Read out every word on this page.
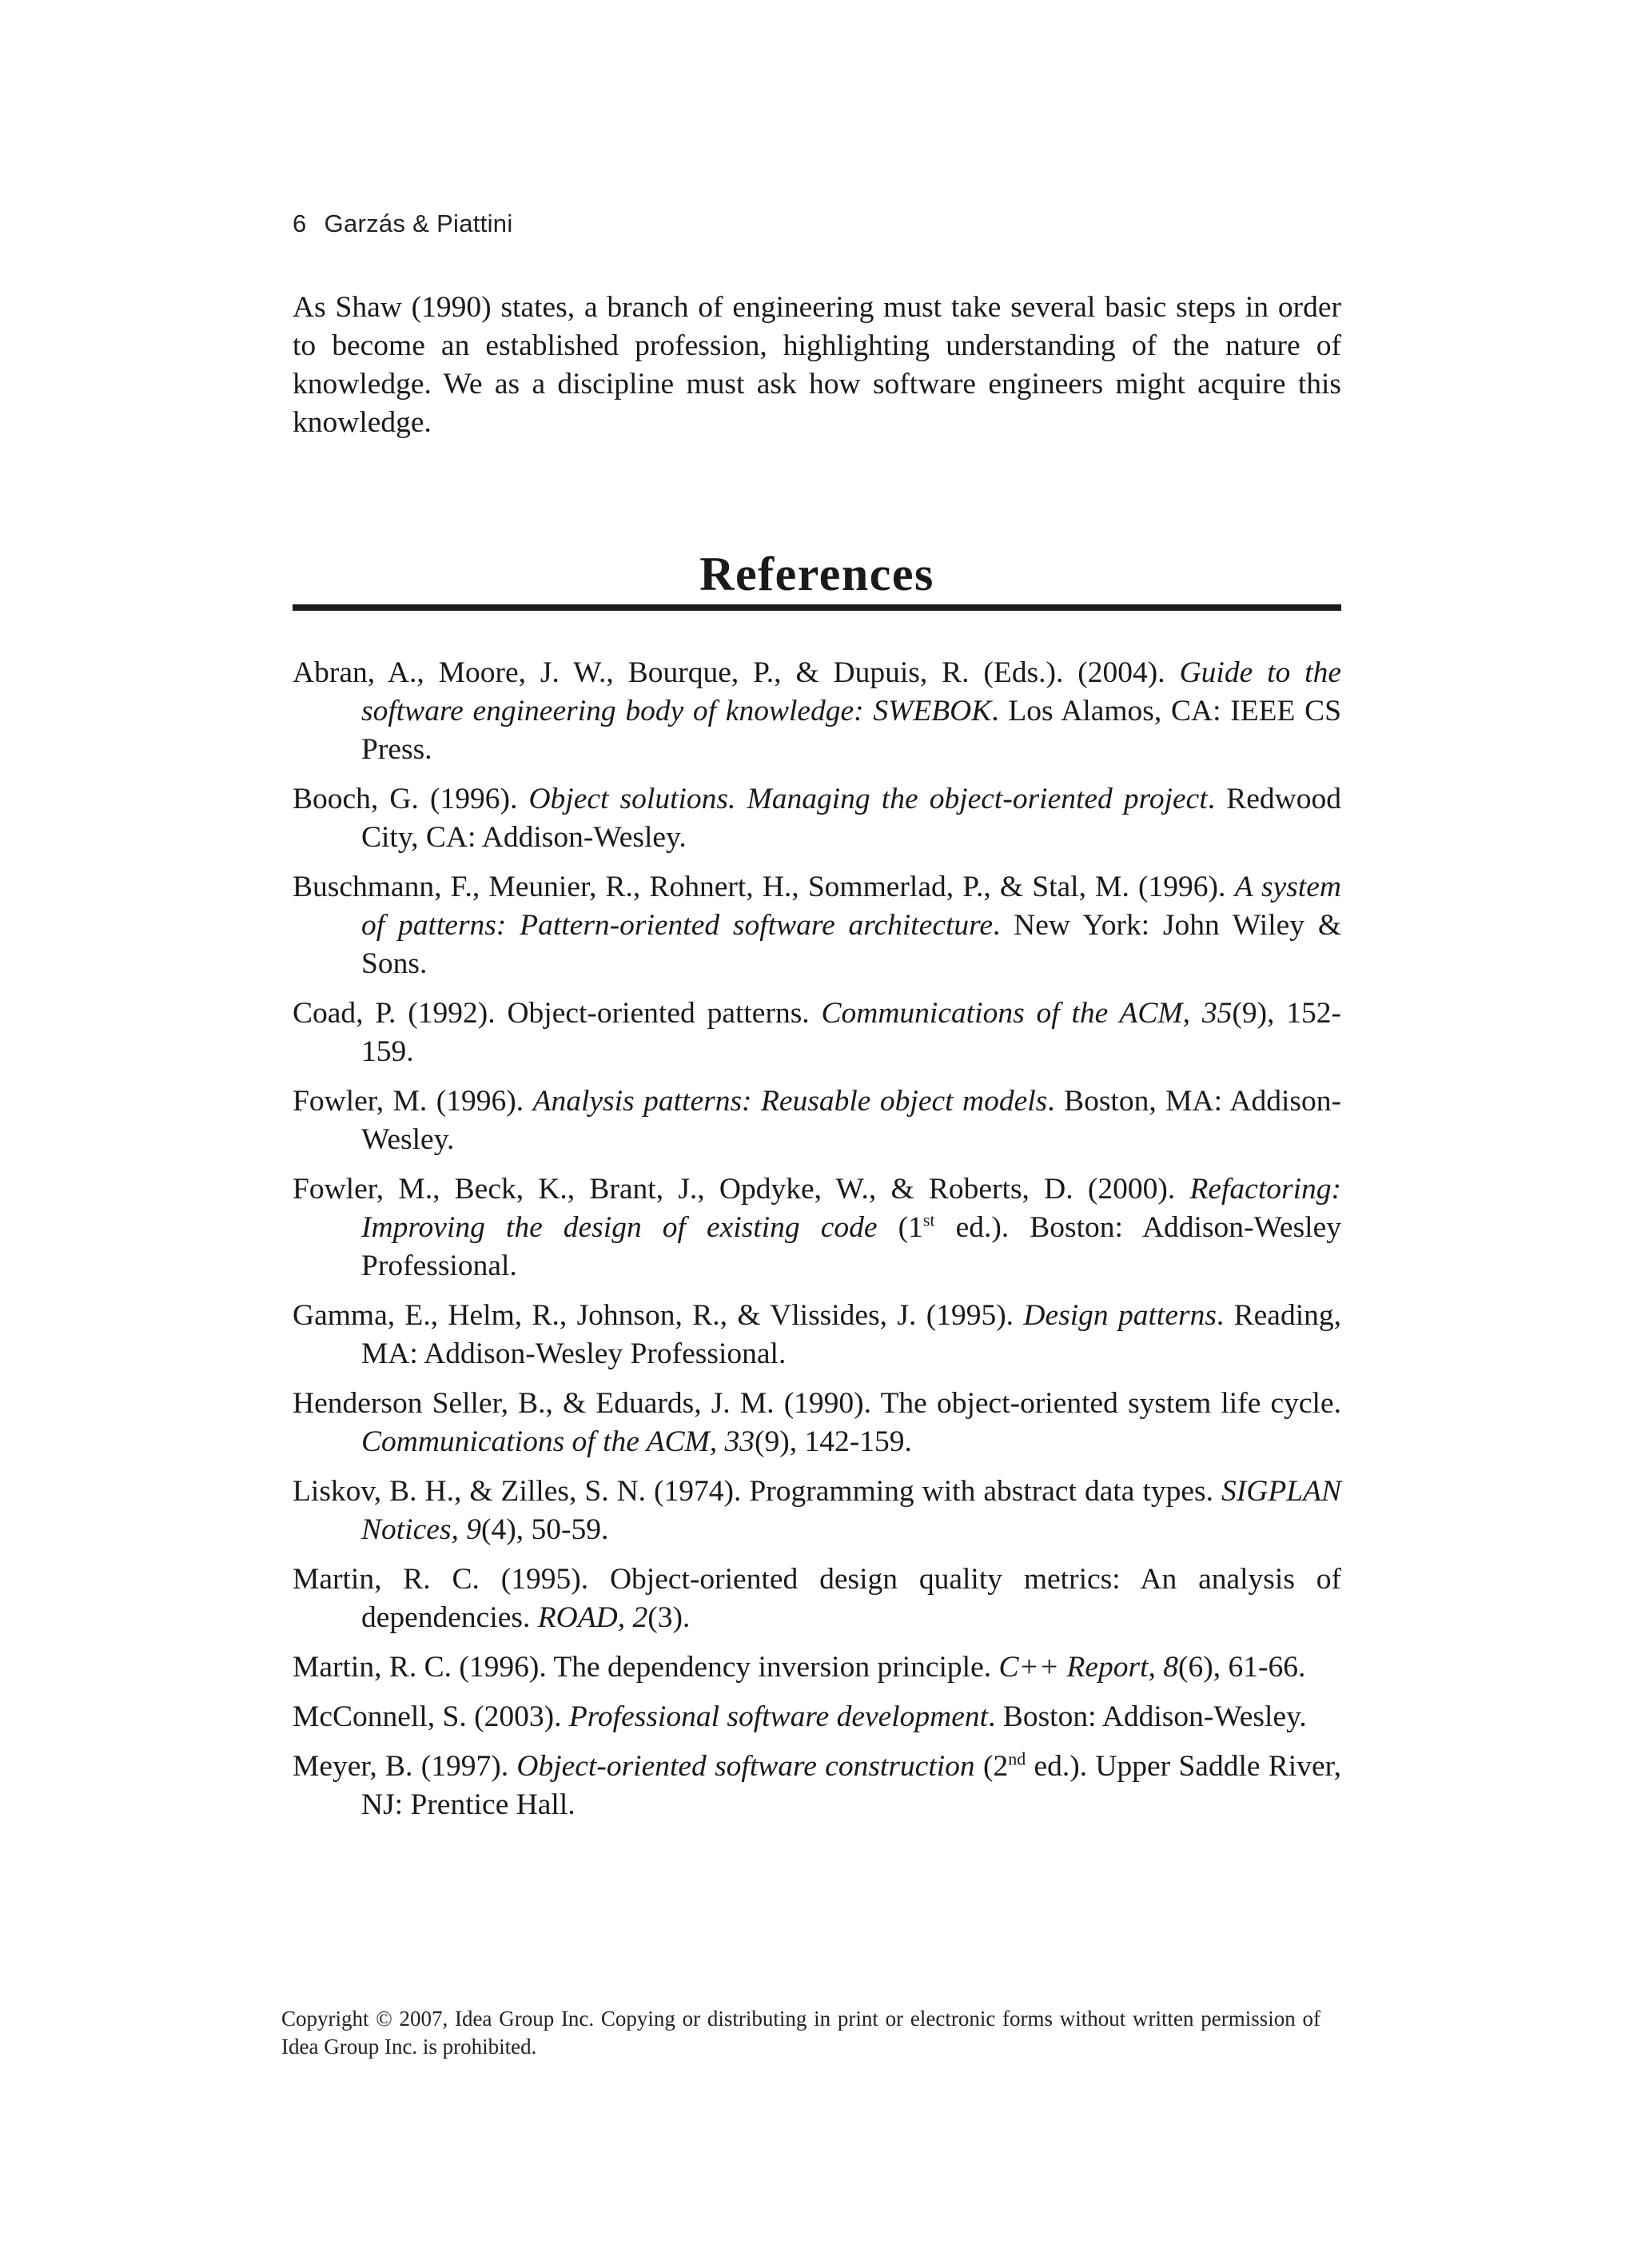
6 Garzás & Piattini

As Shaw (1990) states, a branch of engineering must take several basic steps in order to become an established profession, highlighting understanding of the nature of knowledge. We as a discipline must ask how software engineers might acquire this knowledge.

References
Abran, A., Moore, J. W., Bourque, P., & Dupuis, R. (Eds.). (2004). Guide to the software engineering body of knowledge: SWEBOK. Los Alamos, CA: IEEE CS Press.
Booch, G. (1996). Object solutions. Managing the object-oriented project. Redwood City, CA: Addison-Wesley.
Buschmann, F., Meunier, R., Rohnert, H., Sommerlad, P., & Stal, M. (1996). A system of patterns: Pattern-oriented software architecture. New York: John Wiley & Sons.
Coad, P. (1992). Object-oriented patterns. Communications of the ACM, 35(9), 152-159.
Fowler, M. (1996). Analysis patterns: Reusable object models. Boston, MA: Addison-Wesley.
Fowler, M., Beck, K., Brant, J., Opdyke, W., & Roberts, D. (2000). Refactoring: Improving the design of existing code (1st ed.). Boston: Addison-Wesley Professional.
Gamma, E., Helm, R., Johnson, R., & Vlissides, J. (1995). Design patterns. Reading, MA: Addison-Wesley Professional.
Henderson Seller, B., & Eduards, J. M. (1990). The object-oriented system life cycle. Communications of the ACM, 33(9), 142-159.
Liskov, B. H., & Zilles, S. N. (1974). Programming with abstract data types. SIGPLAN Notices, 9(4), 50-59.
Martin, R. C. (1995). Object-oriented design quality metrics: An analysis of dependencies. ROAD, 2(3).
Martin, R. C. (1996). The dependency inversion principle. C++ Report, 8(6), 61-66.
McConnell, S. (2003). Professional software development. Boston: Addison-Wesley.
Meyer, B. (1997). Object-oriented software construction (2nd ed.). Upper Saddle River, NJ: Prentice Hall.

Copyright © 2007, Idea Group Inc. Copying or distributing in print or electronic forms without written permission of Idea Group Inc. is prohibited.
